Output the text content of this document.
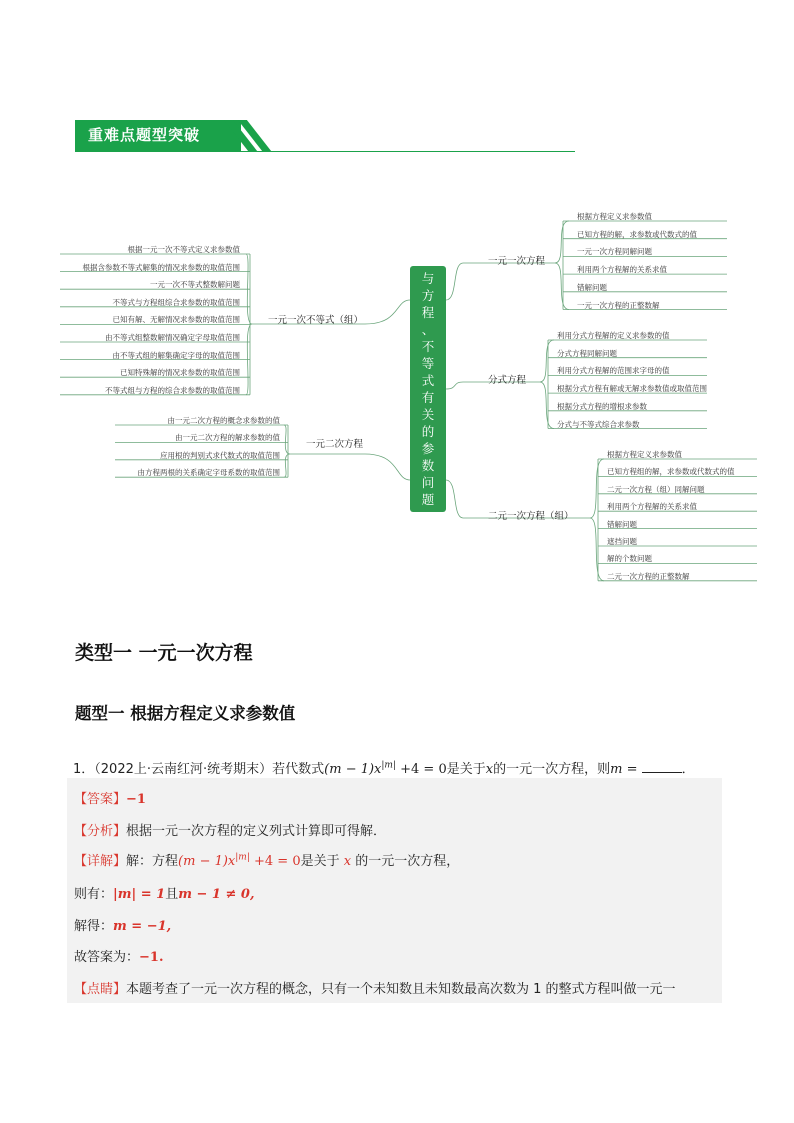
重难点题型突破
与
方
程
、
不
等
式
有
关
的
参
数
问
题
一元一次方程
根据方程定义求参数值
已知方程的解，求参数或代数式的值
一元一次方程同解问题
利用两个方程解的关系求值
错解问题
一元一次方程的正整数解
分式方程
利用分式方程解的定义求参数的值
分式方程同解问题
利用分式方程解的范围求字母的值
根据分式方程有解或无解求参数值或取值范围
根据分式方程的增根求参数
分式与不等式综合求参数
二元一次方程（组）
根据方程定义求参数值
已知方程组的解，求参数或代数式的值
二元一次方程（组）同解问题
利用两个方程解的关系求值
错解问题
遮挡问题
解的个数问题
二元一次方程的正整数解
一元一次不等式（组）
根据一元一次不等式定义求参数值
根据含参数不等式解集的情况求参数的取值范围
一元一次不等式整数解问题
不等式与方程组综合求参数的取值范围
已知有解、无解情况求参数的取值范围
由不等式组整数解情况确定字母取值范围
由不等式组的解集确定字母的取值范围
已知特殊解的情况求参数的取值范围
不等式组与方程的综合求参数的取值范围
一元二次方程
由一元二次方程的概念求参数的值
由一元二次方程的解求参数的值
应用根的判别式求代数式的取值范围
由方程两根的关系确定字母系数的取值范围
类型一 一元一次方程
题型一 根据方程定义求参数值
1．（2022上·云南红河·统考期末）若代数式$(m - 1)x^{|m|} +4 = 0$是关于x的一元一次方程，则m =	．
【答案】−1
【分析】根据一元一次方程的定义列式计算即可得解．
【详解】解：方程$(m - 1)x^{|m|} +4 = 0$是关于 x 的一元一次方程，
则有：|m| = 1且m − 1 ≠ 0,
解得：m = −1,
故答案为：−1.
【点睛】本题考查了一元一次方程的概念，只有一个未知数且未知数最高次数为 1 的整式方程叫做一元一
